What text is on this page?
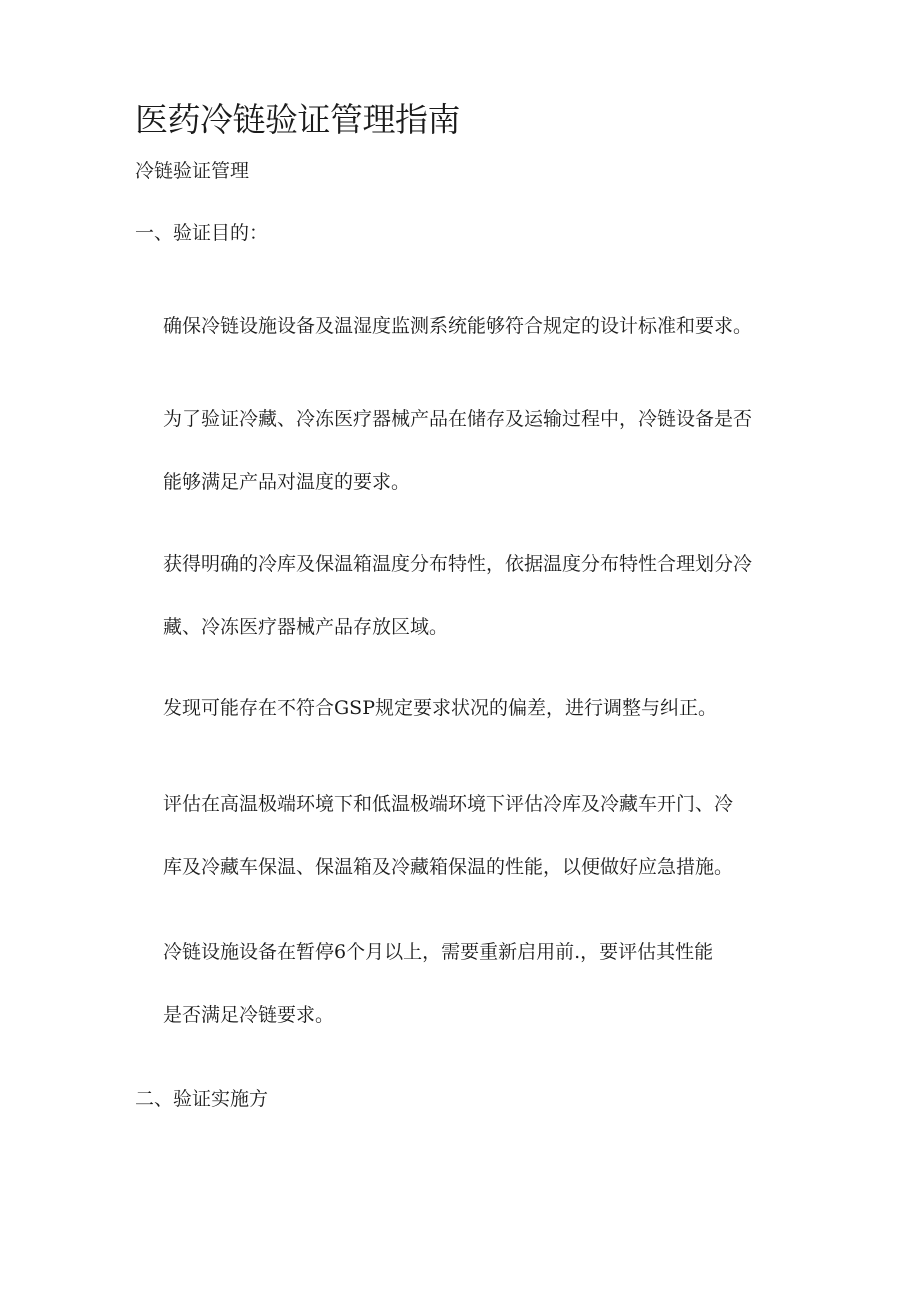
医药冷链验证管理指南
冷链验证管理
一、验证目的：
确保冷链设施设备及温湿度监测系统能够符合规定的设计标准和要求。
为了验证冷藏、冷冻医疗器械产品在储存及运输过程中，冷链设备是否
能够满足产品对温度的要求。
获得明确的冷库及保温箱温度分布特性，依据温度分布特性合理划分冷
藏、冷冻医疗器械产品存放区域。
发现可能存在不符合GSP规定要求状况的偏差，进行调整与纠正。
评估在高温极端环境下和低温极端环境下评估冷库及冷藏车开门、冷
库及冷藏车保温、保温箱及冷藏箱保温的性能，以便做好应急措施。
冷链设施设备在暂停6个月以上，需要重新启用前.，要评估其性能
是否满足冷链要求。
二、验证实施方
